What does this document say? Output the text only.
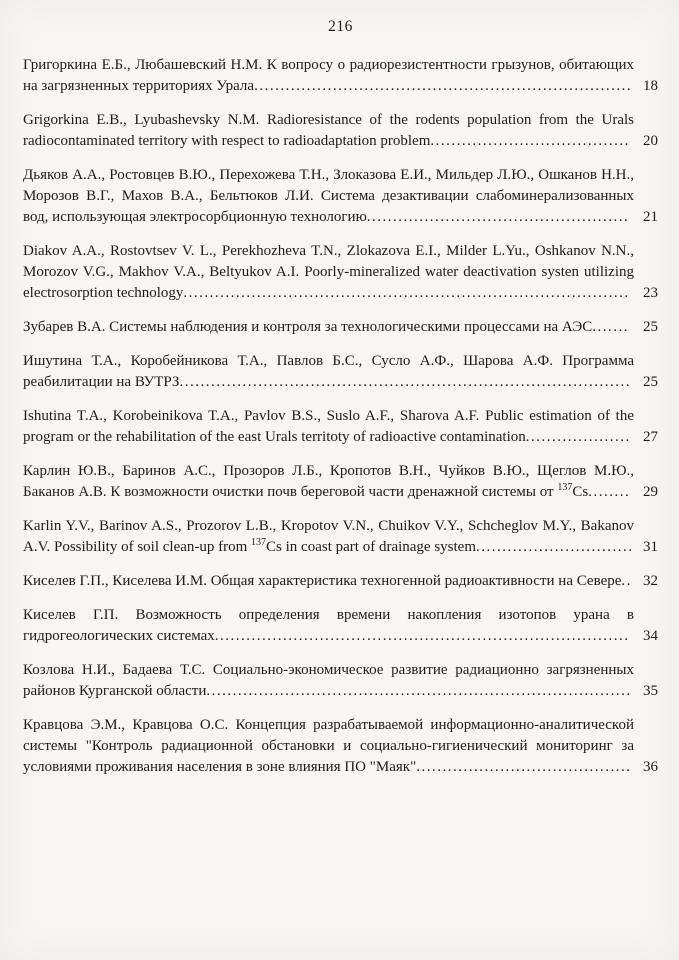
216

Григоркина Е.Б., Любашевский Н.М. К вопросу о радиорезистентности грызунов, обитающих на загрязненных территориях Урала........................................................................ 18

Grigorkina E.B., Lyubashevsky N.M. Radioresistance of the rodents population from the Urals radiocontaminated territory with respect to radioadaptation problem...................................... 20

Дьяков А.А., Ростовцев В.Ю., Перехожева Т.Н., Злоказова Е.И., Мильдер Л.Ю., Ошканов Н.Н., Морозов В.Г., Махов В.А., Бельтюков Л.И. Система дезактивации слабоминерализованных вод, использующая электросорбционную технологию.................................................. 21

Diakov A.A., Rostovtsev V. L., Perekhozheva T.N., Zlokazova E.I., Milder L.Yu., Oshkanov N.N., Morozov V.G., Makhov V.A., Beltyukov A.I. Poorly-mineralized water deactivation systen utilizing electrosorption technology..................................................................................... 23

Зубарев В.А. Системы наблюдения и контроля за технологическими процессами на АЭС....... 25

Ишутина Т.А., Коробейникова Т.А., Павлов Б.С., Сусло А.Ф., Шарова А.Ф. Программа реабилитации на ВУТРЗ...................................................................................... 25

Ishutina T.A., Korobeinikova T.A., Pavlov B.S., Suslo A.F., Sharova A.F. Public estimation of the program or the rehabilitation of the east Urals territoty of radioactive contamination.................... 27

Карлин Ю.В., Баринов А.С., Прозоров Л.Б., Кропотов В.Н., Чуйков В.Ю., Щеглов М.Ю., Баканов А.В. К возможности очистки почв береговой части дренажной системы от $^{137}$Cs........ 29

Karlin Y.V., Barinov A.S., Prozorov L.B., Kropotov V.N., Chuikov V.Y., Schcheglov M.Y., Bakanov A.V. Possibility of soil clean-up from $^{137}$Cs in coast part of drainage system.............................. 31

Киселев Г.П., Киселева И.М. Общая характеристика техногенной радиоактивности на Севере.. 32

Киселев Г.П. Возможность определения времени накопления изотопов урана в гидрогеологических системах............................................................................... 34

Козлова Н.И., Бадаева Т.С. Социально-экономическое развитие радиационно загрязненных районов Курганской области................................................................................. 35

Кравцова Э.М., Кравцова О.С. Концепция разрабатываемой информационно-аналитической системы "Контроль радиационной обстановки и социально-гигиенический мониторинг за условиями проживания населения в зоне влияния ПО "Маяк"......................................... 36
